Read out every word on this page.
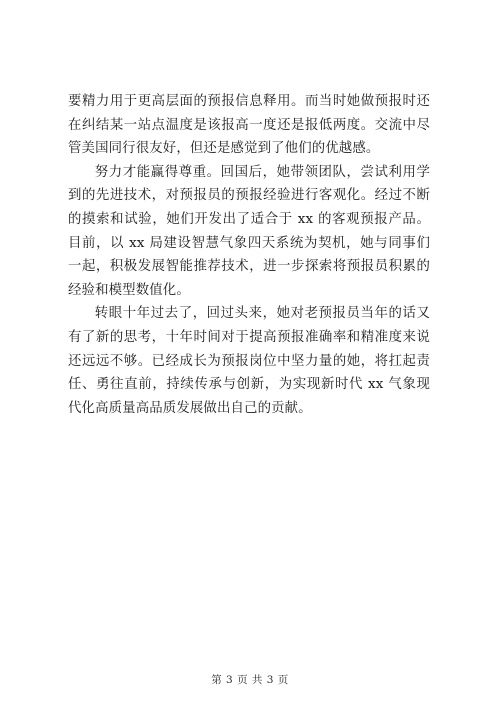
要精力用于更高层面的预报信息释用。而当时她做预报时还在纠结某一站点温度是该报高一度还是报低两度。交流中尽管美国同行很友好，但还是感觉到了他们的优越感。

努力才能赢得尊重。回国后，她带领团队，尝试利用学到的先进技术，对预报员的预报经验进行客观化。经过不断的摸索和试验，她们开发出了适合于 xx 的客观预报产品。目前，以 xx 局建设智慧气象四天系统为契机，她与同事们一起，积极发展智能推荐技术，进一步探索将预报员积累的经验和模型数值化。

转眼十年过去了，回过头来，她对老预报员当年的话又有了新的思考，十年时间对于提高预报准确率和精准度来说还远远不够。已经成长为预报岗位中坚力量的她，将扛起责任、勇往直前，持续传承与创新，为实现新时代 xx 气象现代化高质量高品质发展做出自己的贡献。

第 3 页 共 3 页
